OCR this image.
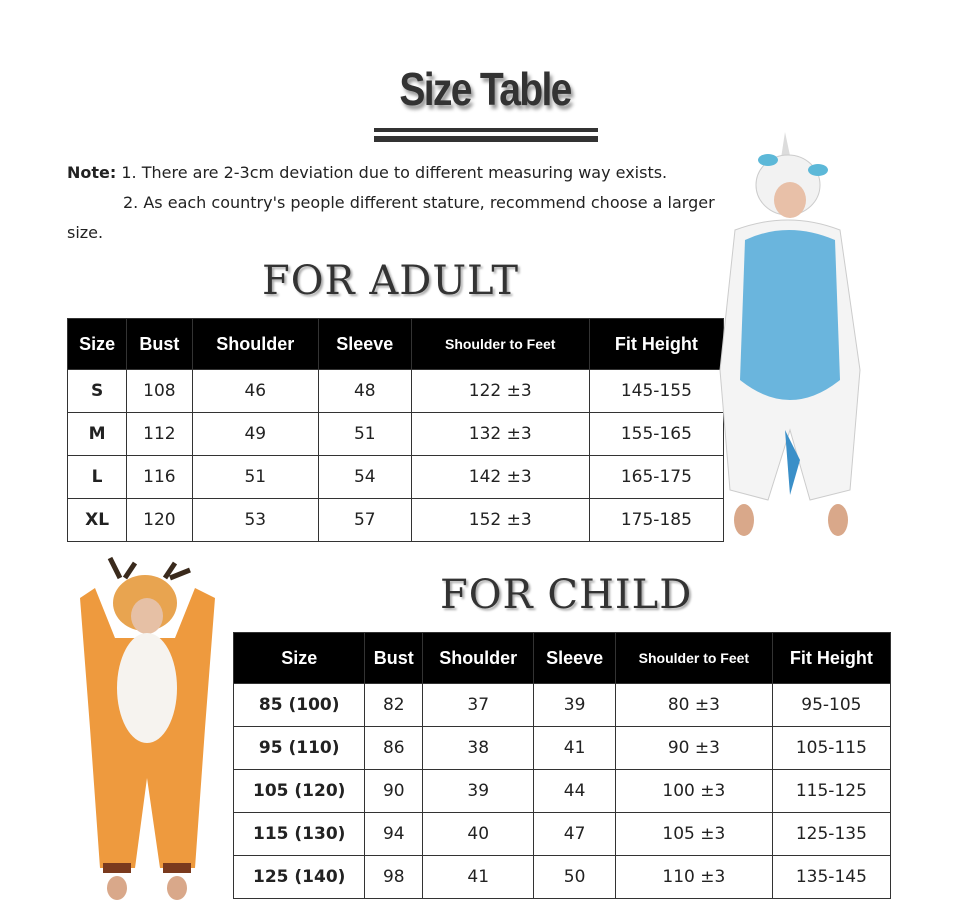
Size Table
Note: 1. There are 2-3cm deviation due to different measuring way exists.
2. As each country's people different stature, recommend choose a larger size.
FOR ADULT
Size	Bust	Shoulder	Sleeve	Shoulder to Feet	Fit Height
S	108	46	48	122 ±3	145-155
M	112	49	51	132 ±3	155-165
L	116	51	54	142 ±3	165-175
XL	120	53	57	152 ±3	175-185
FOR CHILD
Size	Bust	Shoulder	Sleeve	Shoulder to Feet	Fit Height
85 (100)	82	37	39	80 ±3	95-105
95 (110)	86	38	41	90 ±3	105-115
105 (120)	90	39	44	100 ±3	115-125
115 (130)	94	40	47	105 ±3	125-135
125 (140)	98	41	50	110 ±3	135-145
